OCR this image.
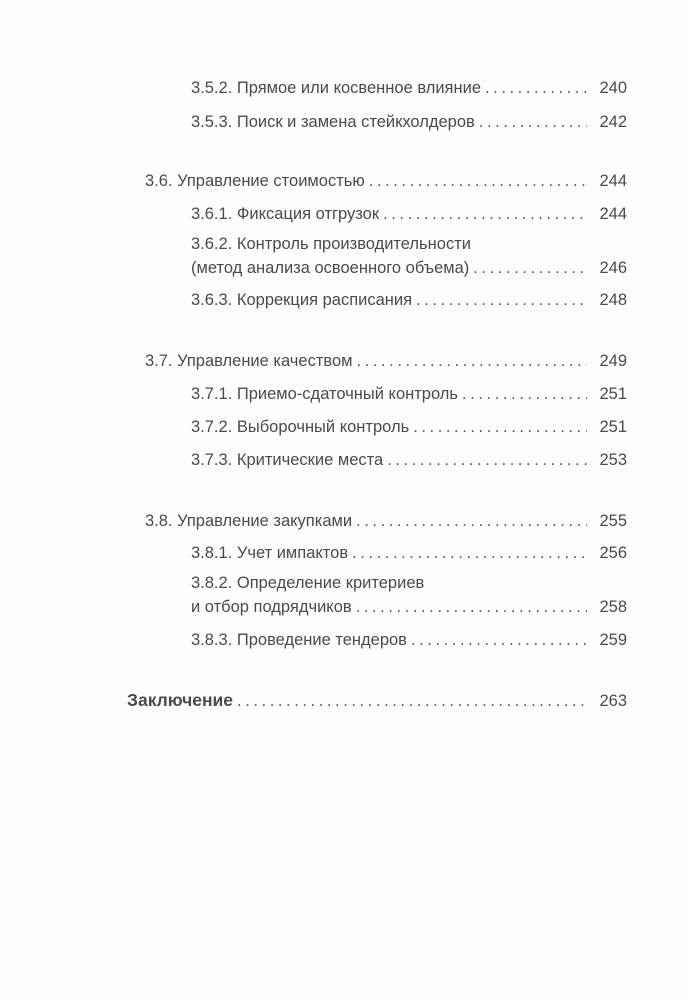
3.5.2. Прямое или косвенное влияние . . .	240
3.5.3. Поиск и замена стейкхолдеров . . .	242
3.6. Управление стоимостью . . .	244
3.6.1. Фиксация отгрузок . . .	244
3.6.2. Контроль производительности
(метод анализа освоенного объема) . . .	246
3.6.3. Коррекция расписания . . .	248
3.7. Управление качеством . . .	249
3.7.1. Приемо-сдаточный контроль . . .	251
3.7.2. Выборочный контроль . . .	251
3.7.3. Критические места . . .	253
3.8. Управление закупками . . .	255
3.8.1. Учет импактов . . .	256
3.8.2. Определение критериев
и отбор подрядчиков . . .	258
3.8.3. Проведение тендеров . . .	259
Заключение . . .	263
